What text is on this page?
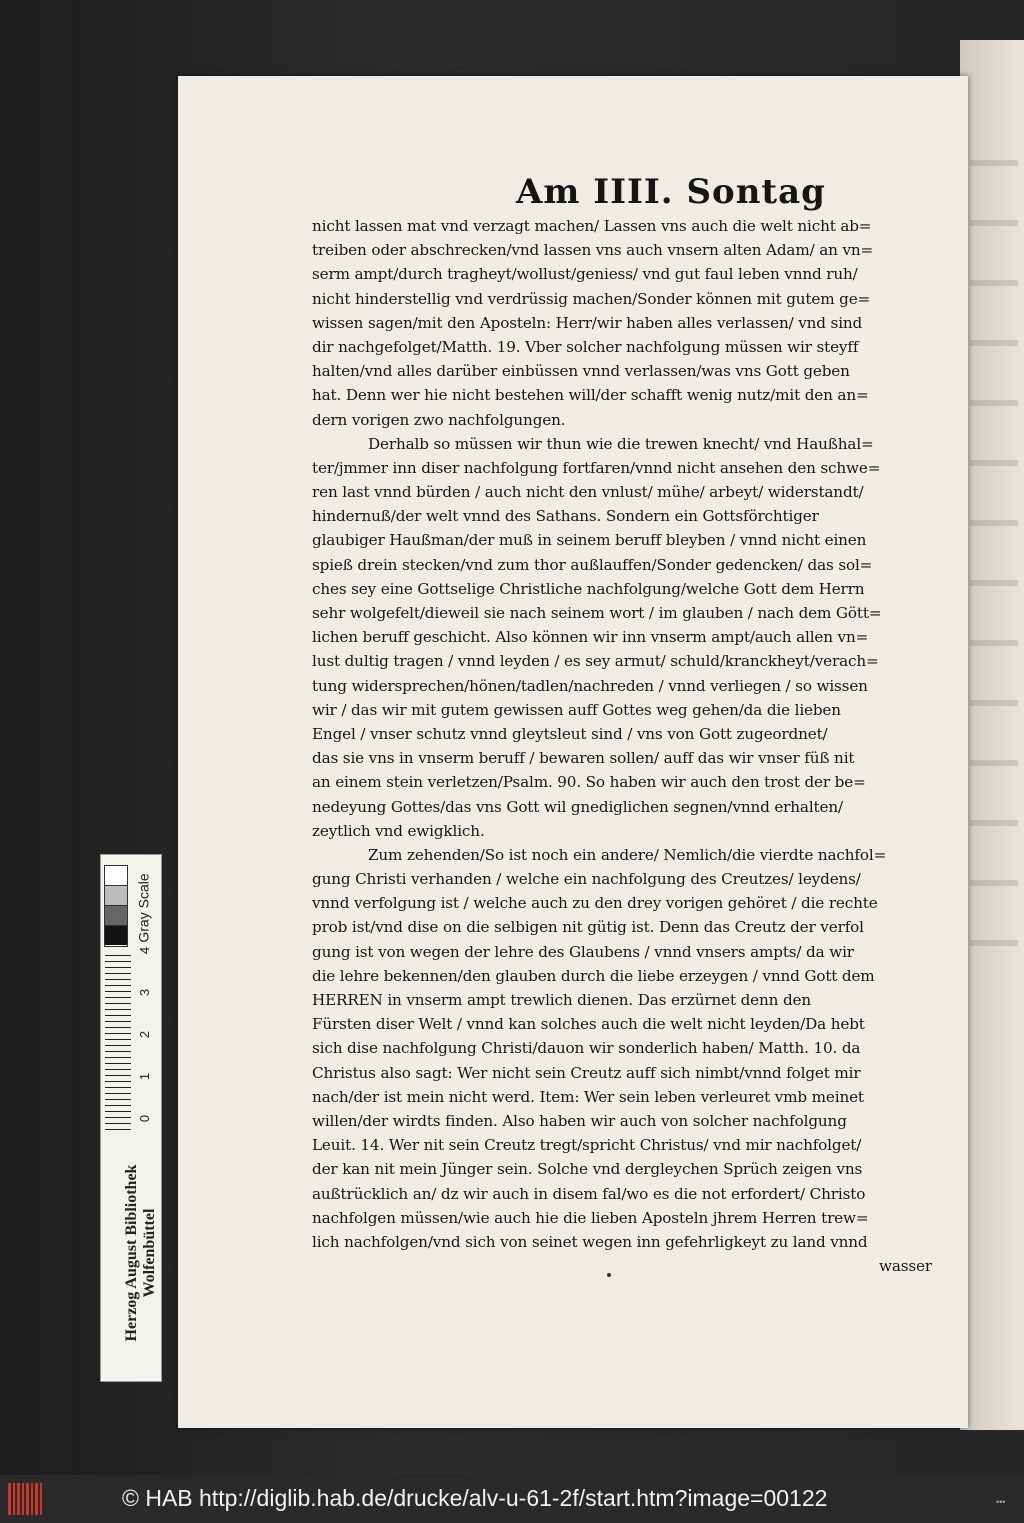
Am IIII. Sontag
nicht lassen mat vnd verzagt machen/ Lassen vns auch die welt nicht ab=
treiben oder abschrecken/vnd lassen vns auch vnsern alten Adam/ an vn=
serm ampt/durch tragheyt/wollust/geniess/ vnd gut faul leben vnnd ruh/
nicht hinderstellig vnd verdrüssig machen/Sonder können mit gutem ge=
wissen sagen/mit den Aposteln: Herr/wir haben alles verlassen/ vnd sind
dir nachgefolget/Matth. 19. Vber solcher nachfolgung müssen wir steyff
halten/vnd alles darüber einbüssen vnnd verlassen/was vns Gott geben
hat. Denn wer hie nicht bestehen will/der schafft wenig nutz/mit den an=
dern vorigen zwo nachfolgungen.
Derhalb so müssen wir thun wie die trewen knecht/ vnd Haußhal=
ter/jmmer inn diser nachfolgung fortfaren/vnnd nicht ansehen den schwe=
ren last vnnd bürden / auch nicht den vnlust/ mühe/ arbeyt/ widerstandt/
hindernuß/der welt vnnd des Sathans. Sondern ein Gottsförchtiger
glaubiger Haußman/der muß in seinem beruff bleyben / vnnd nicht einen
spieß drein stecken/vnd zum thor außlauffen/Sonder gedencken/ das sol=
ches sey eine Gottselige Christliche nachfolgung/welche Gott dem Herrn
sehr wolgefelt/dieweil sie nach seinem wort / im glauben / nach dem Gött=
lichen beruff geschicht. Also können wir inn vnserm ampt/auch allen vn=
lust dultig tragen / vnnd leyden / es sey armut/ schuld/kranckheyt/verach=
tung widersprechen/hönen/tadlen/nachreden / vnnd verliegen / so wissen
wir / das wir mit gutem gewissen auff Gottes weg gehen/da die lieben
Engel / vnser schutz vnnd gleytsleut sind / vns von Gott zugeordnet/
das sie vns in vnserm beruff / bewaren sollen/ auff das wir vnser füß nit
an einem stein verletzen/Psalm. 90. So haben wir auch den trost der be=
nedeyung Gottes/das vns Gott wil gnediglichen segnen/vnnd erhalten/
zeytlich vnd ewigklich.
Zum zehenden/So ist noch ein andere/ Nemlich/die vierdte nachfol=
gung Christi verhanden / welche ein nachfolgung des Creutzes/ leydens/
vnnd verfolgung ist / welche auch zu den drey vorigen gehöret / die rechte
prob ist/vnd dise on die selbigen nit gütig ist. Denn das Creutz der verfol
gung ist von wegen der lehre des Glaubens / vnnd vnsers ampts/ da wir
die lehre bekennen/den glauben durch die liebe erzeygen / vnnd Gott dem
HERREN in vnserm ampt trewlich dienen. Das erzürnet denn den
Fürsten diser Welt / vnnd kan solches auch die welt nicht leyden/Da hebt
sich dise nachfolgung Christi/dauon wir sonderlich haben/ Matth. 10. da
Christus also sagt: Wer nicht sein Creutz auff sich nimbt/vnnd folget mir
nach/der ist mein nicht werd. Item: Wer sein leben verleuret vmb meinet
willen/der wirdts finden. Also haben wir auch von solcher nachfolgung
Leuit. 14. Wer nit sein Creutz tregt/spricht Christus/ vnd mir nachfolget/
der kan nit mein Jünger sein. Solche vnd dergleychen Sprüch zeigen vns
außtrücklich an/ dz wir auch in disem fal/wo es die not erfordert/ Christo
nachfolgen müssen/wie auch hie die lieben Aposteln jhrem Herren trew=
lich nachfolgen/vnd sich von seinet wegen inn gefehrligkeyt zu land vnnd
wasser
Gray Scale
4
3
2
1
0
Herzog August Bibliothek Wolfenbüttel
© HAB http://diglib.hab.de/drucke/alv-u-61-2f/start.htm?image=00122	•••
